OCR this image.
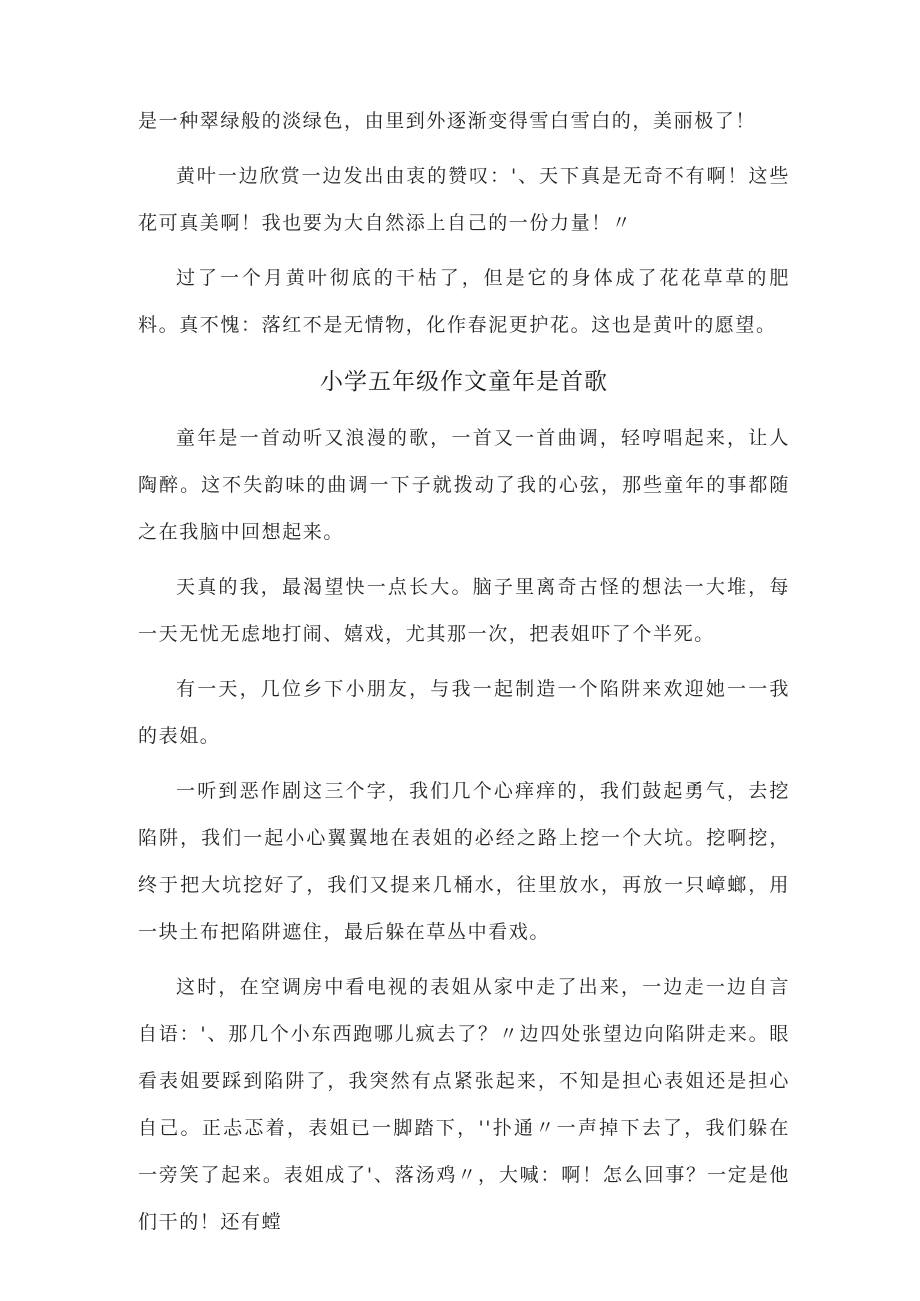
是一种翠绿般的淡绿色，由里到外逐渐变得雪白雪白的，美丽极了！

黄叶一边欣赏一边发出由衷的赞叹：'、天下真是无奇不有啊！这些花可真美啊！我也要为大自然添上自己的一份力量！〃

过了一个月黄叶彻底的干枯了，但是它的身体成了花花草草的肥料。真不愧：落红不是无情物，化作春泥更护花。这也是黄叶的愿望。

小学五年级作文童年是首歌

童年是一首动听又浪漫的歌，一首又一首曲调，轻哼唱起来，让人陶醉。这不失韵味的曲调一下子就拨动了我的心弦，那些童年的事都随之在我脑中回想起来。

天真的我，最渴望快一点长大。脑子里离奇古怪的想法一大堆，每一天无忧无虑地打闹、嬉戏，尤其那一次，把表姐吓了个半死。

有一天，几位乡下小朋友，与我一起制造一个陷阱来欢迎她一一我的表姐。

一听到恶作剧这三个字，我们几个心痒痒的，我们鼓起勇气，去挖陷阱，我们一起小心翼翼地在表姐的必经之路上挖一个大坑。挖啊挖，终于把大坑挖好了，我们又提来几桶水，往里放水，再放一只嶂螂，用一块土布把陷阱遮住，最后躲在草丛中看戏。

这时，在空调房中看电视的表姐从家中走了出来，一边走一边自言自语：'、那几个小东西跑哪儿疯去了？〃边四处张望边向陷阱走来。眼看表姐要踩到陷阱了，我突然有点紧张起来，不知是担心表姐还是担心自己。正忐忑着，表姐已一脚踏下，''扑通〃一声掉下去了，我们躲在一旁笑了起来。表姐成了'、落汤鸡〃，大喊：啊！怎么回事？一定是他们干的！还有螳
